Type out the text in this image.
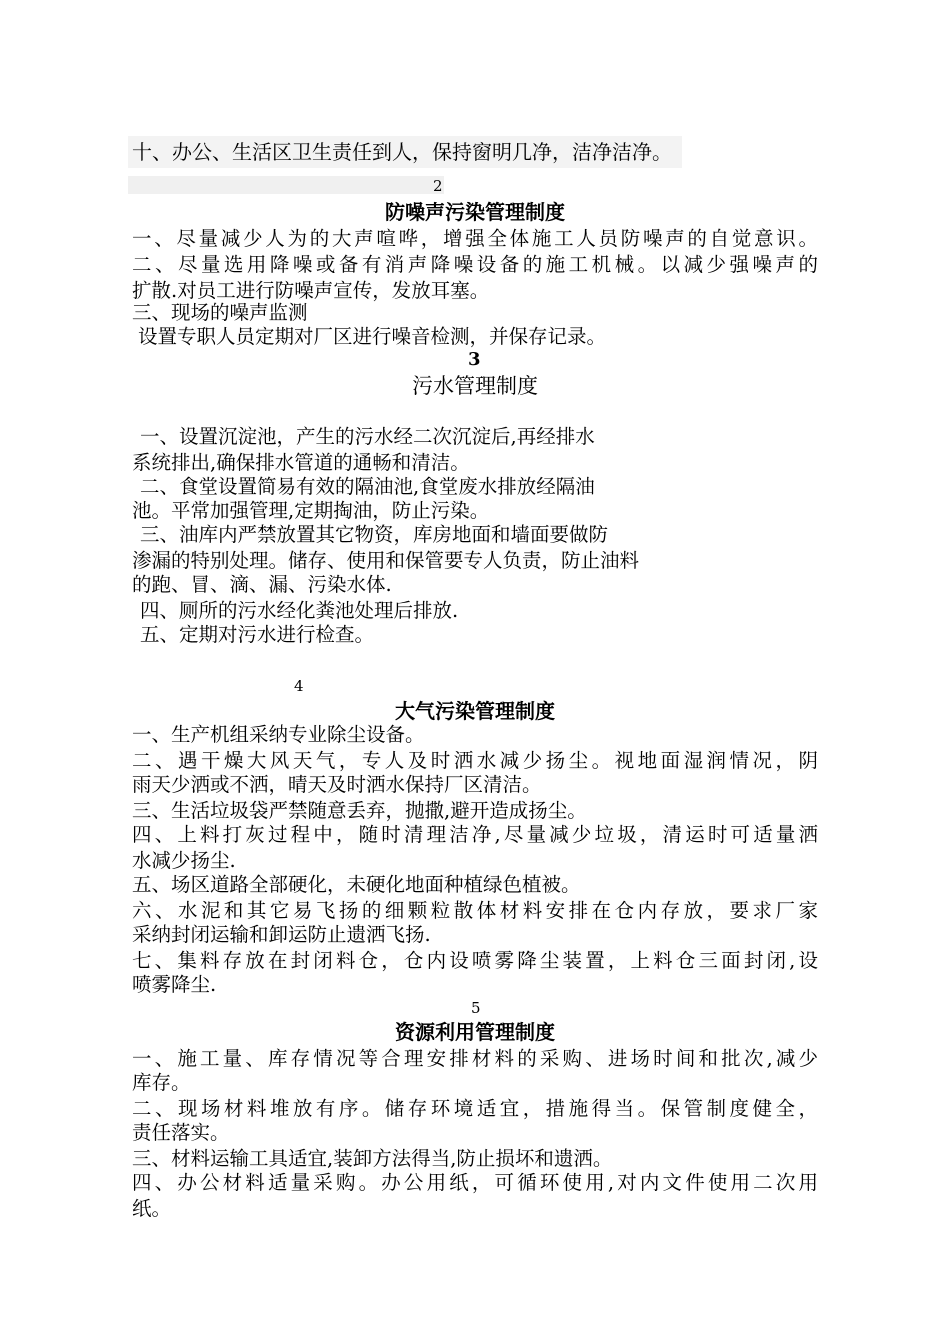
十、办公、生活区卫生责任到人，保持窗明几净，洁净洁净。
2
防噪声污染管理制度
一、尽量减少人为的大声喧哗，增强全体施工人员防噪声的自觉意识。
二、尽量选用降噪或备有消声降噪设备的施工机械。以减少强噪声的
扩散.对员工进行防噪声宣传，发放耳塞。
三、现场的噪声监测
设置专职人员定期对厂区进行噪音检测，并保存记录。
3
污水管理制度
一、设置沉淀池，产生的污水经二次沉淀后,再经排水
系统排出,确保排水管道的通畅和清洁。
二、食堂设置简易有效的隔油池,食堂废水排放经隔油
池。平常加强管理,定期掏油，防止污染。
三、油库内严禁放置其它物资，库房地面和墙面要做防
渗漏的特别处理。储存、使用和保管要专人负责，防止油料
的跑、冒、滴、漏、污染水体.
四、厕所的污水经化粪池处理后排放.
五、定期对污水进行检查。
4
大气污染管理制度
一、生产机组采纳专业除尘设备。
二、遇干燥大风天气，专人及时洒水减少扬尘。视地面湿润情况，阴
雨天少洒或不洒，晴天及时洒水保持厂区清洁。
三、生活垃圾袋严禁随意丢弃，抛撒,避开造成扬尘。
四、上料打灰过程中，随时清理洁净,尽量减少垃圾，清运时可适量洒
水减少扬尘.
五、场区道路全部硬化，未硬化地面种植绿色植被。
六、水泥和其它易飞扬的细颗粒散体材料安排在仓内存放，要求厂家
采纳封闭运输和卸运防止遗洒飞扬.
七、集料存放在封闭料仓，仓内设喷雾降尘装置，上料仓三面封闭,设
喷雾降尘.
5
资源利用管理制度
一、施工量、库存情况等合理安排材料的采购、进场时间和批次,减少
库存。
二、现场材料堆放有序。储存环境适宜，措施得当。保管制度健全，
责任落实。
三、材料运输工具适宜,装卸方法得当,防止损坏和遗洒。
四、办公材料适量采购。办公用纸，可循环使用,对内文件使用二次用
纸。
